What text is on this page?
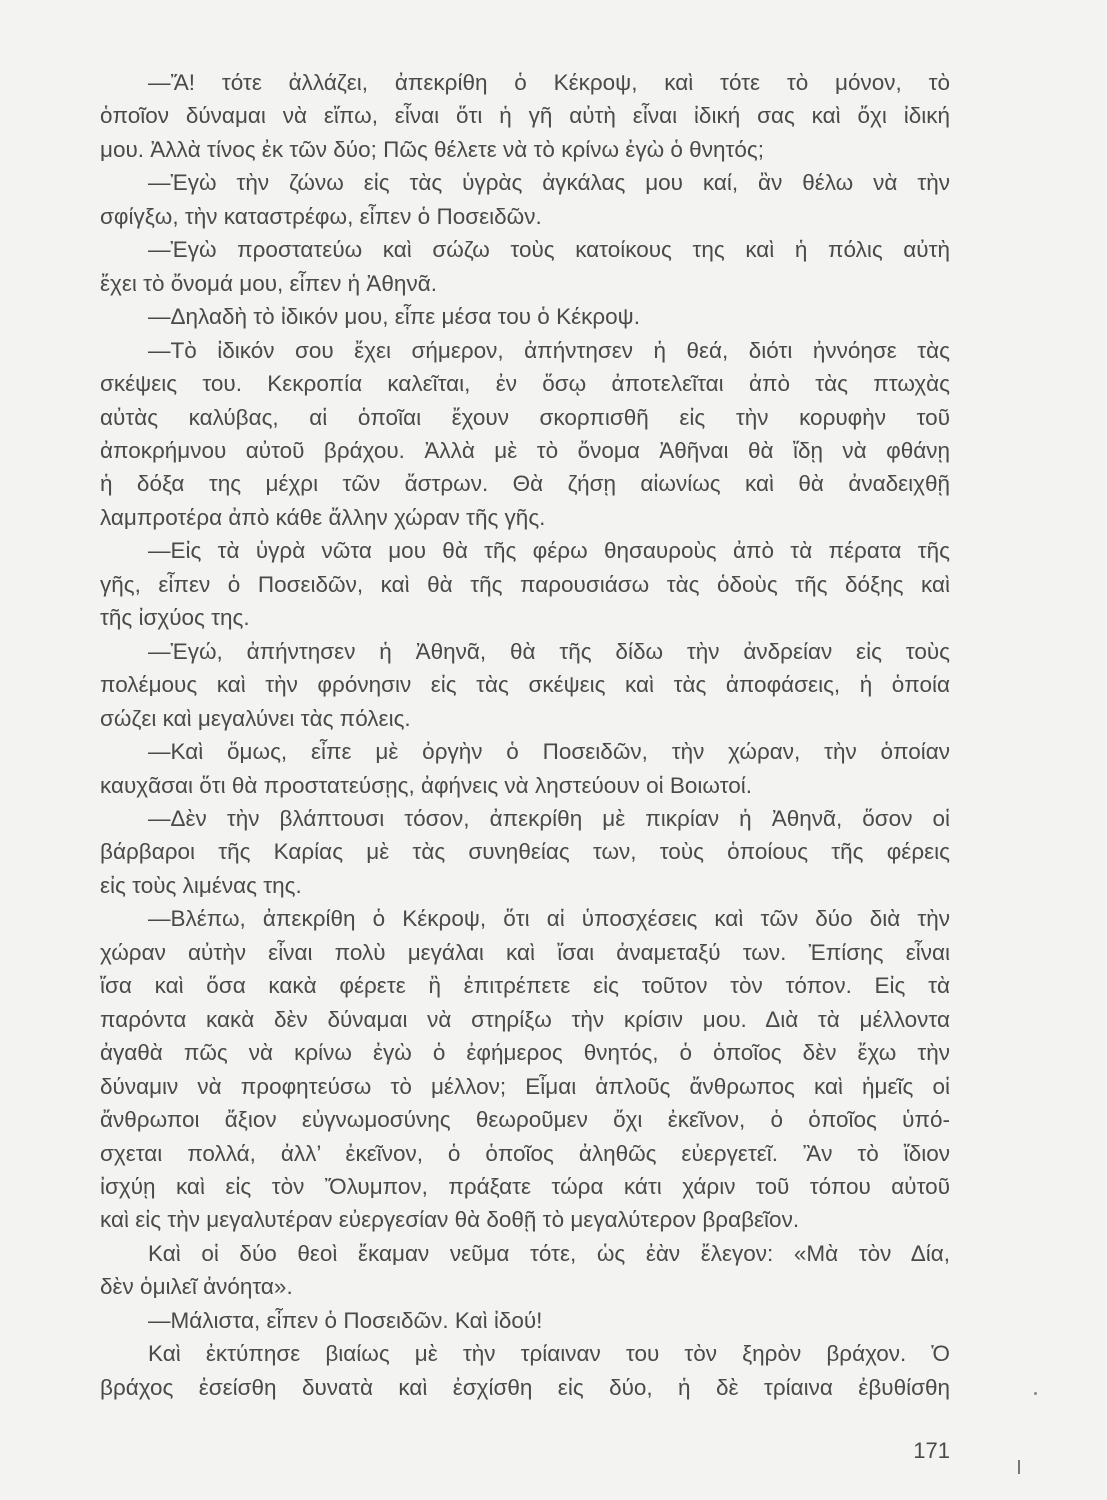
—Ἄ! τότε ἀλλάζει, ἀπεκρίθη ὁ Κέκροψ, καὶ τότε τὸ μόνον, τὸ
ὁποῖον δύναμαι νὰ εἴπω, εἶναι ὅτι ἡ γῆ αὐτὴ εἶναι ἰδική σας καὶ ὄχι ἰδική
μου. Ἀλλὰ τίνος ἐκ τῶν δύο; Πῶς θέλετε νὰ τὸ κρίνω ἐγὼ ὁ θνητός;
—Ἐγὼ τὴν ζώνω εἰς τὰς ὑγρὰς ἀγκάλας μου καί, ἂν θέλω νὰ τὴν
σφίγξω, τὴν καταστρέφω, εἶπεν ὁ Ποσειδῶν.
—Ἐγὼ προστατεύω καὶ σώζω τοὺς κατοίκους της καὶ ἡ πόλις αὐτὴ
ἔχει τὸ ὄνομά μου, εἶπεν ἡ Ἀθηνᾶ.
—Δηλαδὴ τὸ ἰδικόν μου, εἶπε μέσα του ὁ Κέκροψ.
—Τὸ ἰδικόν σου ἔχει σήμερον, ἀπήντησεν ἡ θεά, διότι ἠννόησε τὰς
σκέψεις του. Κεκροπία καλεῖται, ἐν ὅσῳ ἀποτελεῖται ἀπὸ τὰς πτωχὰς
αὐτὰς καλύβας, αἱ ὁποῖαι ἔχουν σκορπισθῆ εἰς τὴν κορυφὴν τοῦ
ἀποκρήμνου αὐτοῦ βράχου. Ἀλλὰ μὲ τὸ ὄνομα Ἀθῆναι θὰ ἴδῃ νὰ φθάνῃ
ἡ δόξα της μέχρι τῶν ἄστρων. Θὰ ζήσῃ αἰωνίως καὶ θὰ ἀναδειχθῇ
λαμπροτέρα ἀπὸ κάθε ἄλλην χώραν τῆς γῆς.
—Εἰς τὰ ὑγρὰ νῶτα μου θὰ τῆς φέρω θησαυροὺς ἀπὸ τὰ πέρατα τῆς
γῆς, εἶπεν ὁ Ποσειδῶν, καὶ θὰ τῆς παρουσιάσω τὰς ὁδοὺς τῆς δόξης καὶ
τῆς ἰσχύος της.
—Ἐγώ, ἀπήντησεν ἡ Ἀθηνᾶ, θὰ τῆς δίδω τὴν ἀνδρείαν εἰς τοὺς
πολέμους καὶ τὴν φρόνησιν εἰς τὰς σκέψεις καὶ τὰς ἀποφάσεις, ἡ ὁποία
σώζει καὶ μεγαλύνει τὰς πόλεις.
—Καὶ ὅμως, εἶπε μὲ ὀργὴν ὁ Ποσειδῶν, τὴν χώραν, τὴν ὁποίαν
καυχᾶσαι ὅτι θὰ προστατεύσῃς, ἀφήνεις νὰ ληστεύουν οἱ Βοιωτοί.
—Δὲν τὴν βλάπτουσι τόσον, ἀπεκρίθη μὲ πικρίαν ἡ Ἀθηνᾶ, ὅσον οἱ
βάρβαροι τῆς Καρίας μὲ τὰς συνηθείας των, τοὺς ὁποίους τῆς φέρεις
εἰς τοὺς λιμένας της.
—Βλέπω, ἀπεκρίθη ὁ Κέκροψ, ὅτι αἱ ὑποσχέσεις καὶ τῶν δύο διὰ τὴν
χώραν αὐτὴν εἶναι πολὺ μεγάλαι καὶ ἴσαι ἀναμεταξύ των. Ἐπίσης εἶναι
ἴσα καὶ ὅσα κακὰ φέρετε ἢ ἐπιτρέπετε εἰς τοῦτον τὸν τόπον. Εἰς τὰ
παρόντα κακὰ δὲν δύναμαι νὰ στηρίξω τὴν κρίσιν μου. Διὰ τὰ μέλλοντα
ἀγαθὰ πῶς νὰ κρίνω ἐγὼ ὁ ἐφήμερος θνητός, ὁ ὁποῖος δὲν ἔχω τὴν
δύναμιν νὰ προφητεύσω τὸ μέλλον; Εἶμαι ἁπλοῦς ἄνθρωπος καὶ ἡμεῖς οἱ
ἄνθρωποι ἄξιον εὐγνωμοσύνης θεωροῦμεν ὄχι ἐκεῖνον, ὁ ὁποῖος ὑπό-
σχεται πολλά, ἀλλ’ ἐκεῖνον, ὁ ὁποῖος ἀληθῶς εὐεργετεῖ. Ἂν τὸ ἴδιον
ἰσχύῃ καὶ εἰς τὸν Ὄλυμπον, πράξατε τώρα κάτι χάριν τοῦ τόπου αὐτοῦ
καὶ εἰς τὴν μεγαλυτέραν εὐεργεσίαν θὰ δοθῇ τὸ μεγαλύτερον βραβεῖον.
Καὶ οἱ δύο θεοὶ ἔκαμαν νεῦμα τότε, ὡς ἐὰν ἔλεγον: «Μὰ τὸν Δία,
δὲν ὁμιλεῖ ἀνόητα».
—Μάλιστα, εἶπεν ὁ Ποσειδῶν. Καὶ ἰδού!
Καὶ ἐκτύπησε βιαίως μὲ τὴν τρίαιναν του τὸν ξηρὸν βράχον. Ὁ
βράχος ἐσείσθη δυνατὰ καὶ ἐσχίσθη εἰς δύο, ἡ δὲ τρίαινα ἐβυθίσθη
171
